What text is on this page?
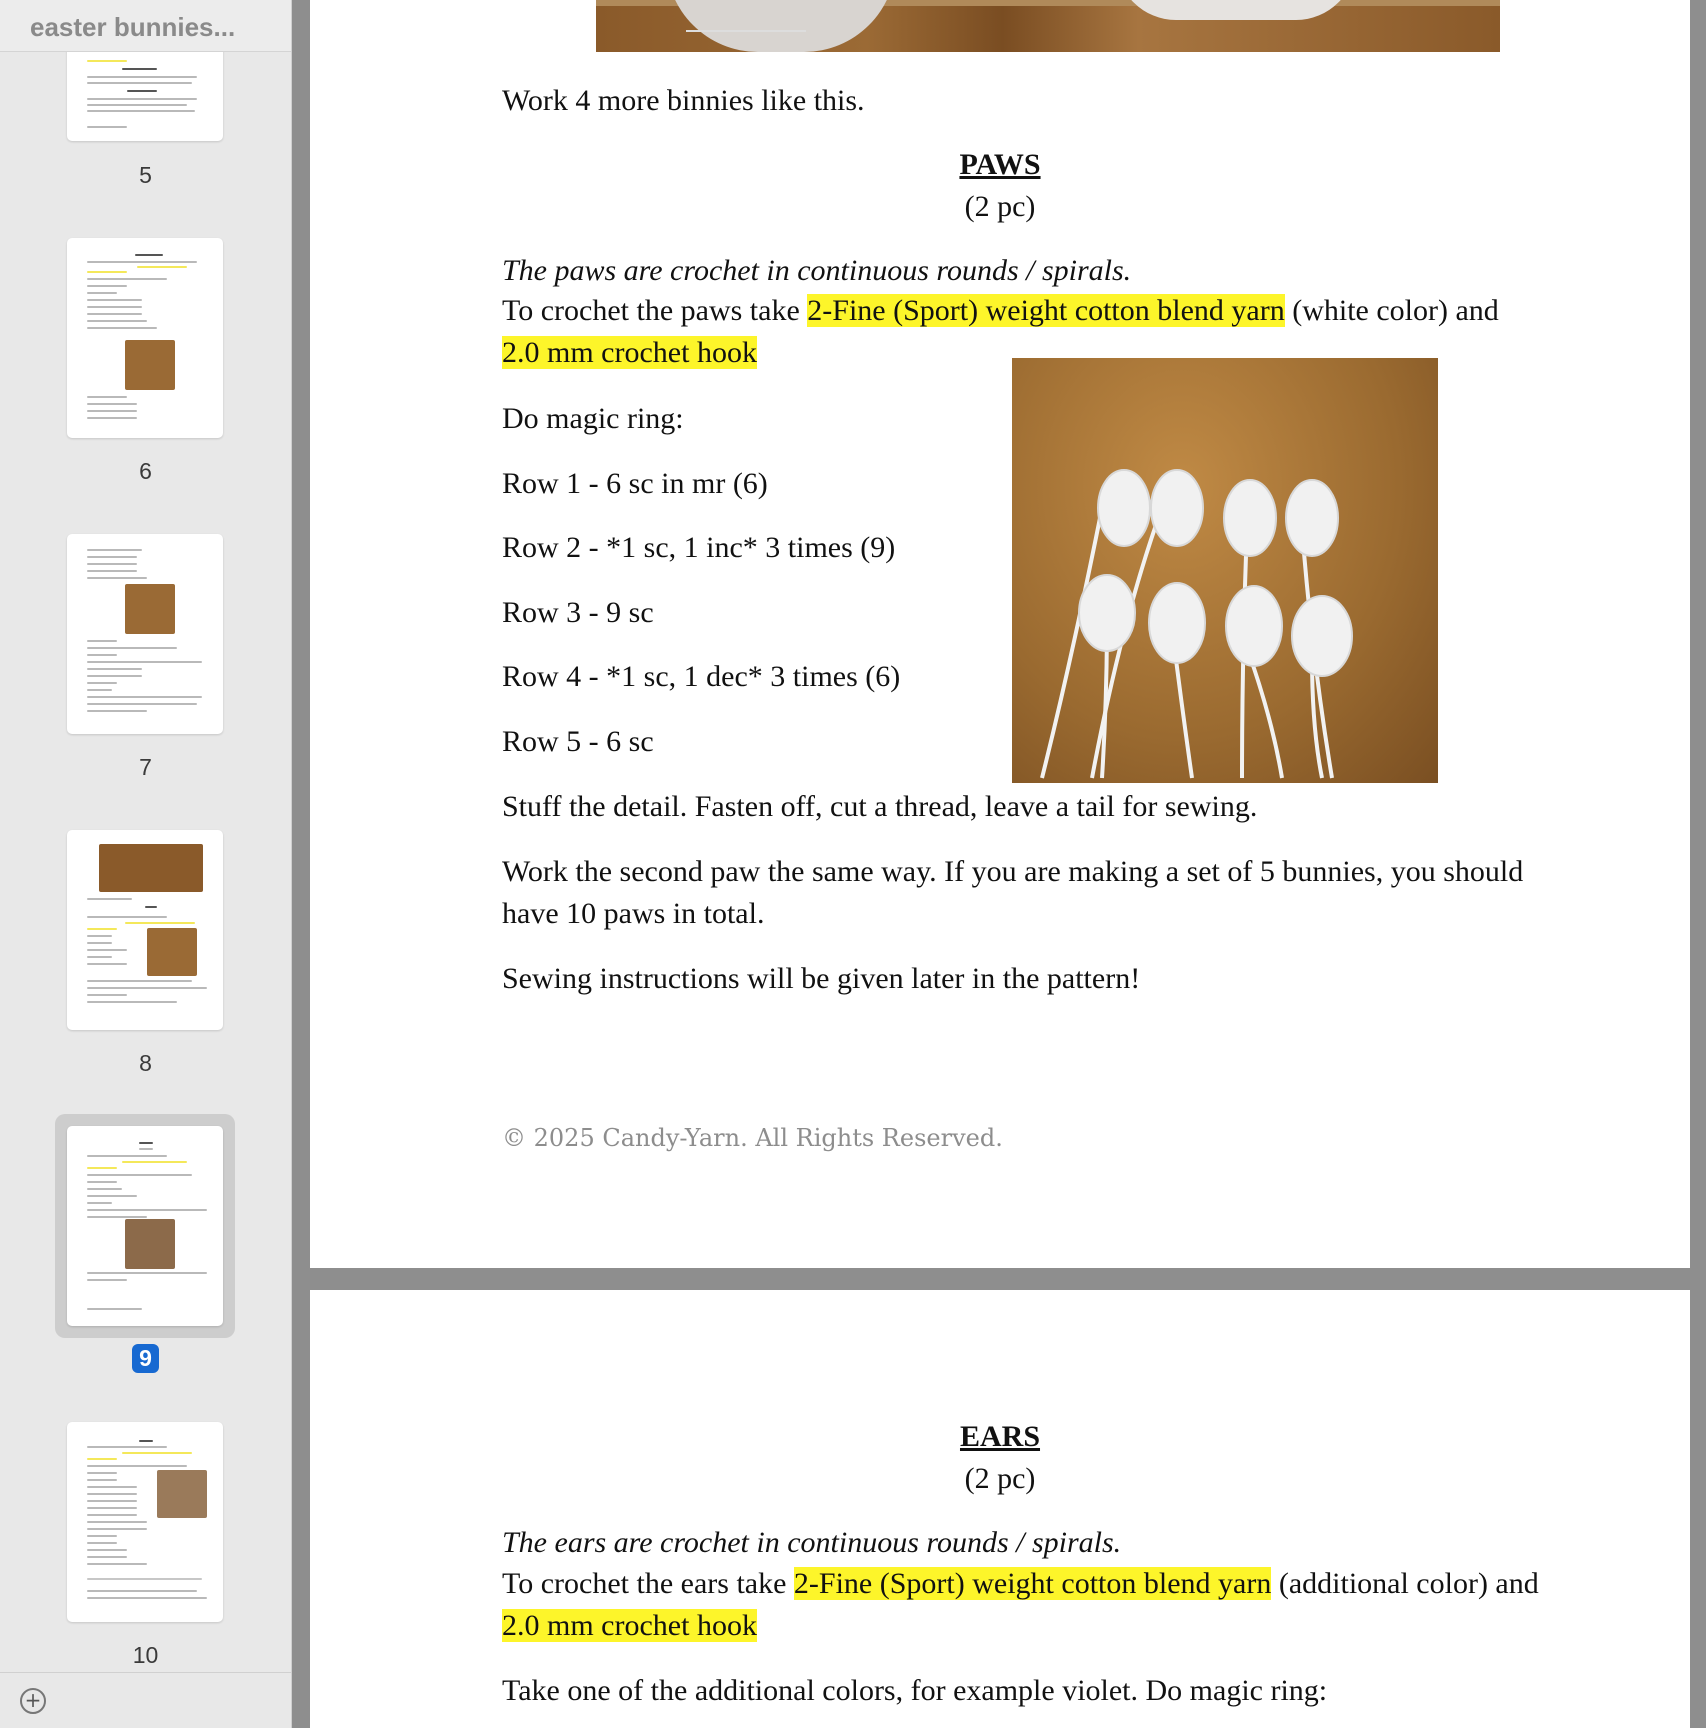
easter bunnies...
5
6
7
8
9
10
+
Work 4 more binnies like this.
PAWS
(2 pc)
The paws are crochet in continuous rounds / spirals.
To crochet the paws take 2-Fine (Sport) weight cotton blend yarn (white color) and
2.0 mm crochet hook
Do magic ring:
Row 1 - 6 sc in mr (6)
Row 2 - *1 sc, 1 inc* 3 times (9)
Row 3 - 9 sc
Row 4 - *1 sc, 1 dec* 3 times (6)
Row 5 - 6 sc
Stuff the detail. Fasten off, cut a thread, leave a tail for sewing.
Work the second paw the same way. If you are making a set of 5 bunnies, you should
have 10 paws in total.
Sewing instructions will be given later in the pattern!
© 2025 Candy-Yarn. All Rights Reserved.
EARS
(2 pc)
The ears are crochet in continuous rounds / spirals.
To crochet the ears take 2-Fine (Sport) weight cotton blend yarn (additional color) and
2.0 mm crochet hook
Take one of the additional colors, for example violet. Do magic ring:
